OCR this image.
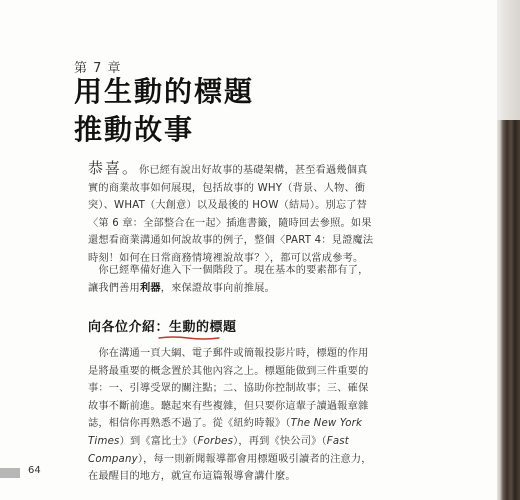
第 7 章
用生動的標題
推動故事
恭喜。你已經有說出好故事的基礎架構，甚至看過幾個真實的商業故事如何展現，包括故事的 WHY（背景、人物、衝突）、WHAT（大創意）以及最後的 HOW（結局）。別忘了替〈第 6 章：全部整合在一起〉插進書籤，隨時回去參照。如果還想看商業溝通如何說故事的例子，整個〈PART 4：見證魔法時刻！如何在日常商務情境裡說故事？〉，都可以當成參考。
　你已經準備好進入下一個階段了。現在基本的要素都有了，讓我們善用利器，來保證故事向前推展。
向各位介紹：生動的標題
　你在溝通一頁大綱、電子郵件或簡報投影片時，標題的作用是將最重要的概念置於其他內容之上。標題能做到三件重要的事：一、引導受眾的關注點；二、協助你控制故事；三、確保故事不斷前進。聽起來有些複雜，但只要你這輩子讀過報章雜誌，相信你再熟悉不過了。從《紐約時報》（The New York Times）到《富比士》（Forbes），再到《快公司》（Fast Company），每一則新聞報導都會用標題吸引讀者的注意力，在最醒目的地方，就宣布這篇報導會講什麼。
64
